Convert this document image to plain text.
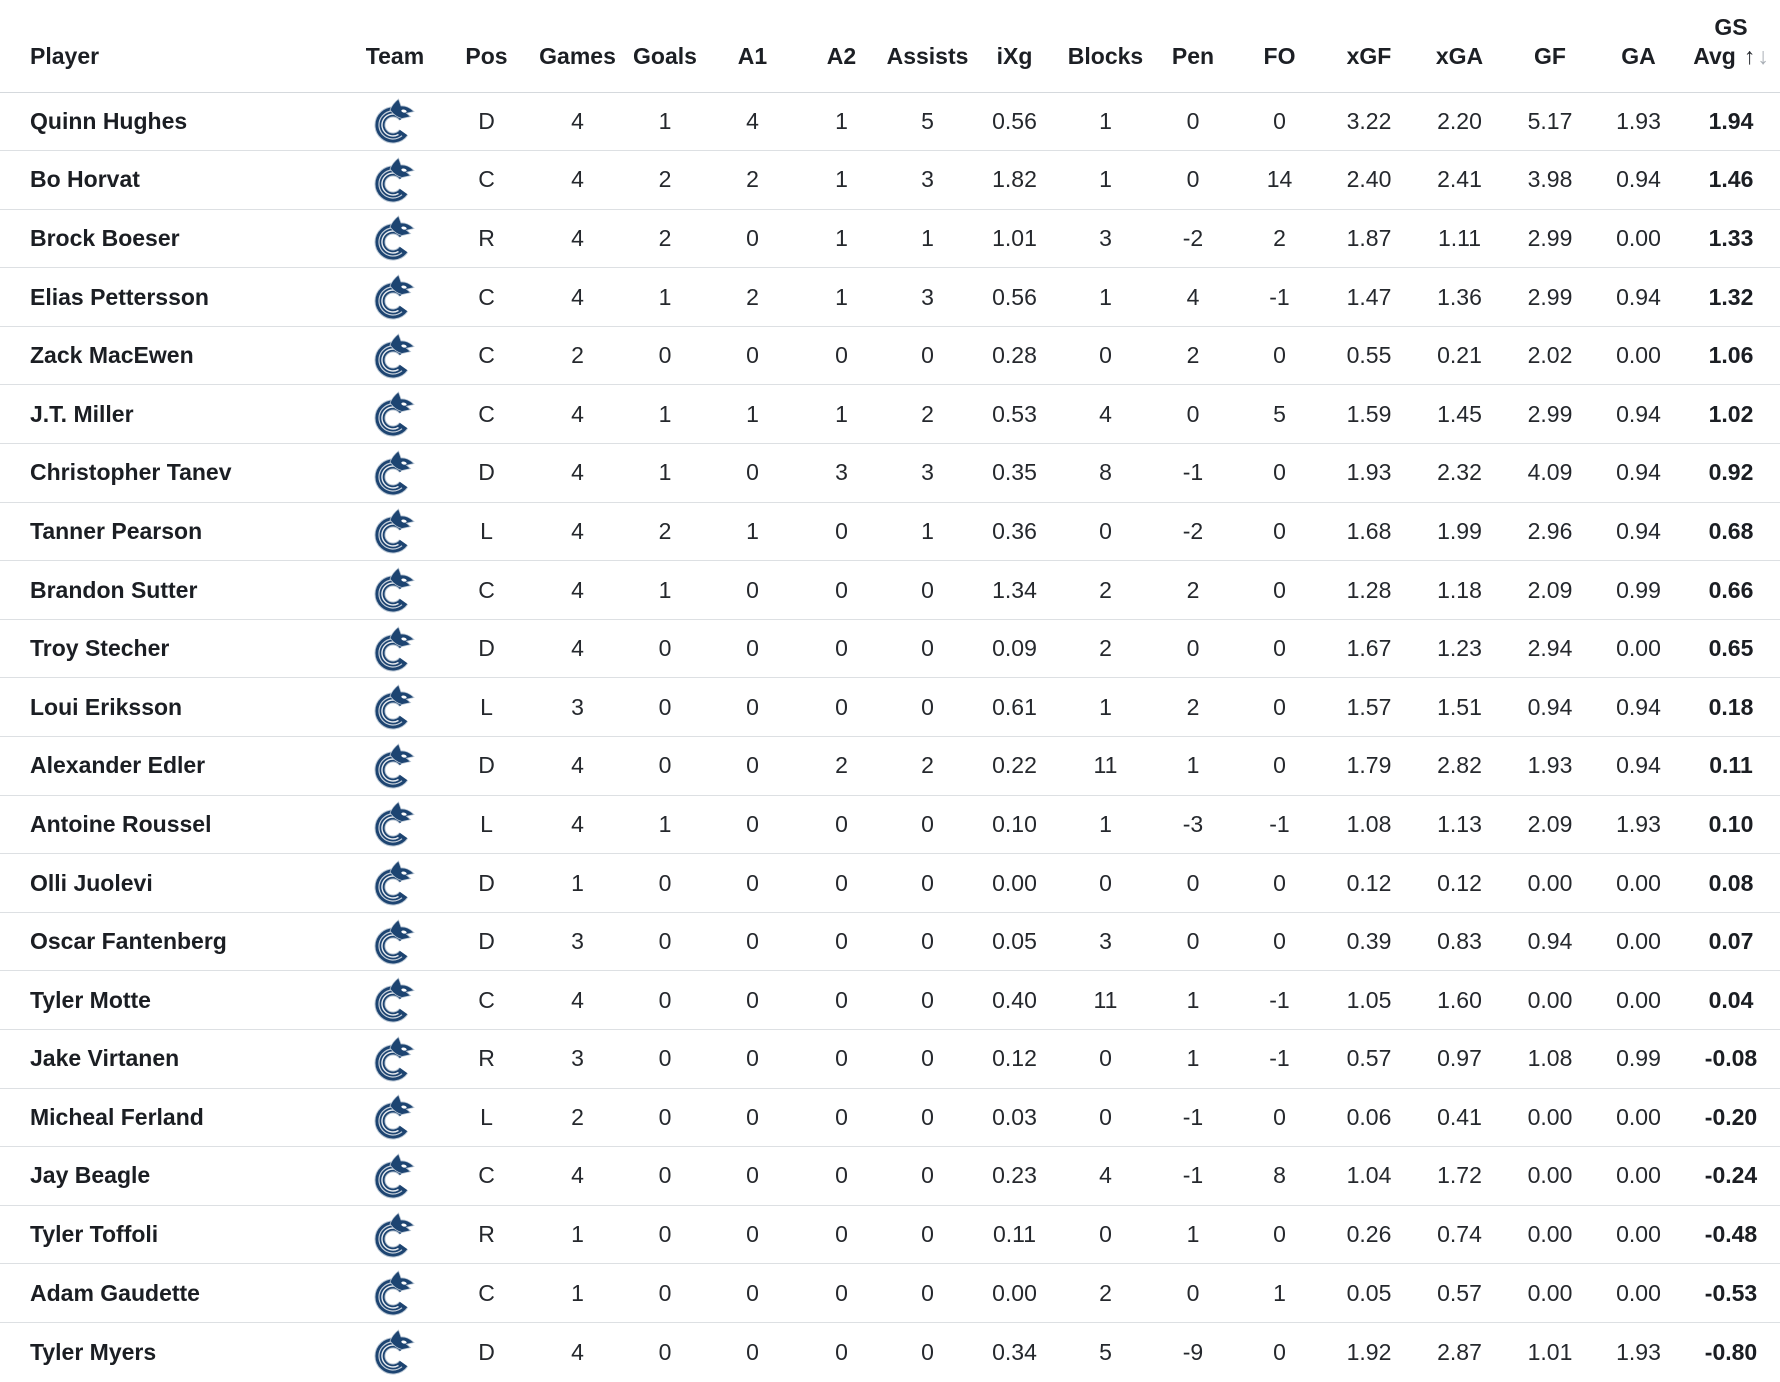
Player	Team	Pos	Games	Goals	A1	A2	Assists	iXg	Blocks	Pen	FO	xGF	xGA	GF	GA	GS
Avg ↑↓

Quinn Hughes		D	4	1	4	1	5	0.56	1	0	0	3.22	2.20	5.17	1.93	1.94
Bo Horvat		C	4	2	2	1	3	1.82	1	0	14	2.40	2.41	3.98	0.94	1.46
Brock Boeser		R	4	2	0	1	1	1.01	3	-2	2	1.87	1.11	2.99	0.00	1.33
Elias Pettersson		C	4	1	2	1	3	0.56	1	4	-1	1.47	1.36	2.99	0.94	1.32
Zack MacEwen		C	2	0	0	0	0	0.28	0	2	0	0.55	0.21	2.02	0.00	1.06
J.T. Miller		C	4	1	1	1	2	0.53	4	0	5	1.59	1.45	2.99	0.94	1.02
Christopher Tanev		D	4	1	0	3	3	0.35	8	-1	0	1.93	2.32	4.09	0.94	0.92
Tanner Pearson		L	4	2	1	0	1	0.36	0	-2	0	1.68	1.99	2.96	0.94	0.68
Brandon Sutter		C	4	1	0	0	0	1.34	2	2	0	1.28	1.18	2.09	0.99	0.66
Troy Stecher		D	4	0	0	0	0	0.09	2	0	0	1.67	1.23	2.94	0.00	0.65
Loui Eriksson		L	3	0	0	0	0	0.61	1	2	0	1.57	1.51	0.94	0.94	0.18
Alexander Edler		D	4	0	0	2	2	0.22	11	1	0	1.79	2.82	1.93	0.94	0.11
Antoine Roussel		L	4	1	0	0	0	0.10	1	-3	-1	1.08	1.13	2.09	1.93	0.10
Olli Juolevi		D	1	0	0	0	0	0.00	0	0	0	0.12	0.12	0.00	0.00	0.08
Oscar Fantenberg		D	3	0	0	0	0	0.05	3	0	0	0.39	0.83	0.94	0.00	0.07
Tyler Motte		C	4	0	0	0	0	0.40	11	1	-1	1.05	1.60	0.00	0.00	0.04
Jake Virtanen		R	3	0	0	0	0	0.12	0	1	-1	0.57	0.97	1.08	0.99	-0.08
Micheal Ferland		L	2	0	0	0	0	0.03	0	-1	0	0.06	0.41	0.00	0.00	-0.20
Jay Beagle		C	4	0	0	0	0	0.23	4	-1	8	1.04	1.72	0.00	0.00	-0.24
Tyler Toffoli		R	1	0	0	0	0	0.11	0	1	0	0.26	0.74	0.00	0.00	-0.48
Adam Gaudette		C	1	0	0	0	0	0.00	2	0	1	0.05	0.57	0.00	0.00	-0.53
Tyler Myers		D	4	0	0	0	0	0.34	5	-9	0	1.92	2.87	1.01	1.93	-0.80
